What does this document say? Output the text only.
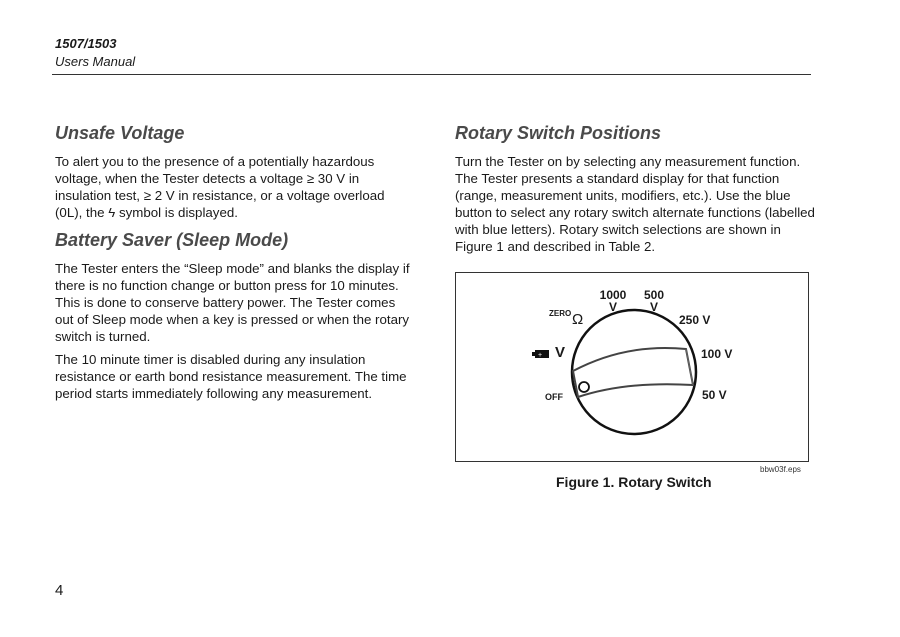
1507/1503
Users Manual
Unsafe Voltage

To alert you to the presence of a potentially hazardous voltage, when the Tester detects a voltage ≥ 30 V in insulation test, ≥ 2 V in resistance, or a voltage overload (0L), the ϟ symbol is displayed.

Battery Saver (Sleep Mode)

The Tester enters the “Sleep mode” and blanks the display if there is no function change or button press for 10 minutes. This is done to conserve battery power. The Tester comes out of Sleep mode when a key is pressed or when the rotary switch is turned.

The 10 minute timer is disabled during any insulation resistance or earth bond resistance measurement. The time period starts immediately following any measurement.

Rotary Switch Positions

Turn the Tester on by selecting any measurement function. The Tester presents a standard display for that function (range, measurement units, modifiers, etc.). Use the blue button to select any rotary switch alternate functions (labelled with blue letters). Rotary switch selections are shown in Figure 1 and described in Table 2.

+
1000
V
500
V
ZERO Ω	250 V
100 V
50 V
V
OFF
bbw03f.eps
Figure 1. Rotary Switch
4
